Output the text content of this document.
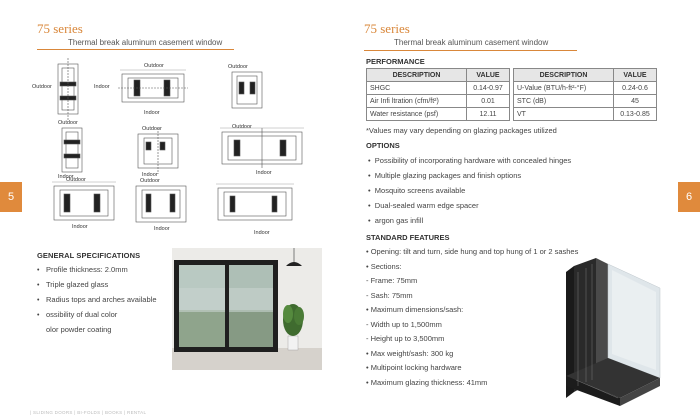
75 series
Thermal break aluminum casement window
5
Outdoor
Outdoor
Indoor
Outdoor
Indoor
Outdoor
Outdoor	Outdoor
Indoor	Indoor	Indoor
Outdoor	Outdoor
Indoor	Indoor
Indoor
GENERAL SPECIFICATIONS
• Profile thickness: 2.0mm
• Triple glazed glass
• Radius tops and arches available
• ossibility of dual color
olor powder coating
| SLIDING DOORS | BI-FOLDS | BOOKS | RENTAL
75 series
Thermal break aluminum casement window
6
PERFORMANCE
DESCRIPTION	VALUE
SHGC	0.14-0.97
Air Infi ltration (cfm/ft²)	0.01
Water resistance (psf)	12.11
DESCRIPTION	VALUE
U-Value (BTU/h-ft²-°F)	0.24-0.6
STC (dB)	45
VT	0.13-0.85
*Values may vary depending on glazing packages utilized
OPTIONS
•  Possibility of incorporating hardware with concealed hinges
•  Multiple glazing packages and finish options
•  Mosquito screens available
•  Dual-sealed warm edge spacer
•  argon gas infill
STANDARD FEATURES
• Opening: tilt and turn, side hung and top hung of 1 or 2 sashes
• Sections:
- Frame: 75mm
- Sash: 75mm
• Maximum dimensions/sash:
- Width up to 1,500mm
- Height up to 3,500mm
• Max weight/sash: 300 kg
• Multipoint locking hardware
• Maximum glazing thickness: 41mm
